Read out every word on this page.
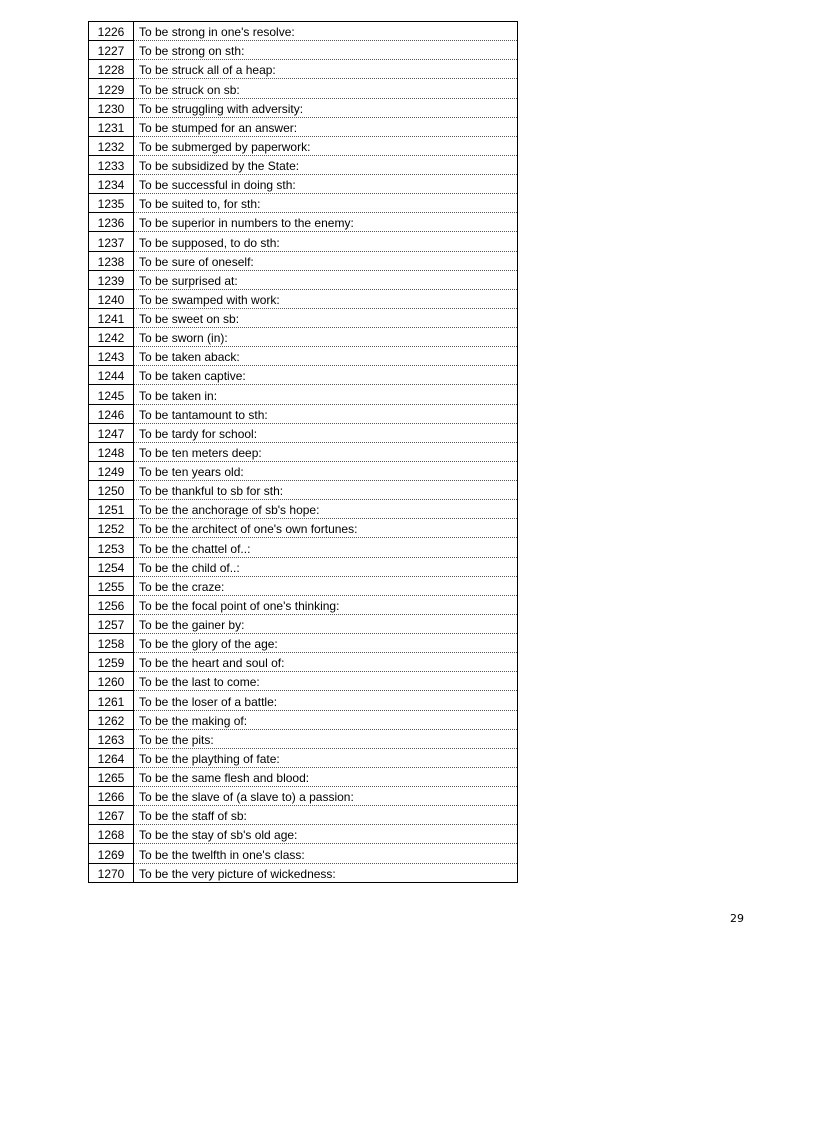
1226	To be strong in one's resolve:
1227	To be strong on sth:
1228	To be struck all of a heap:
1229	To be struck on sb:
1230	To be struggling with adversity:
1231	To be stumped for an answer:
1232	To be submerged by paperwork:
1233	To be subsidized by the State:
1234	To be successful in doing sth:
1235	To be suited to, for sth:
1236	To be superior in numbers to the enemy:
1237	To be supposed, to do sth:
1238	To be sure of oneself:
1239	To be surprised at:
1240	To be swamped with work:
1241	To be sweet on sb:
1242	To be sworn (in):
1243	To be taken aback:
1244	To be taken captive:
1245	To be taken in:
1246	To be tantamount to sth:
1247	To be tardy for school:
1248	To be ten meters deep:
1249	To be ten years old:
1250	To be thankful to sb for sth:
1251	To be the anchorage of sb's hope:
1252	To be the architect of one's own fortunes:
1253	To be the chattel of..:
1254	To be the child of..:
1255	To be the craze:
1256	To be the focal point of one's thinking:
1257	To be the gainer by:
1258	To be the glory of the age:
1259	To be the heart and soul of:
1260	To be the last to come:
1261	To be the loser of a battle:
1262	To be the making of:
1263	To be the pits:
1264	To be the plaything of fate:
1265	To be the same flesh and blood:
1266	To be the slave of (a slave to) a passion:
1267	To be the staff of sb:
1268	To be the stay of sb's old age:
1269	To be the twelfth in one's class:
1270	To be the very picture of wickedness:
29
